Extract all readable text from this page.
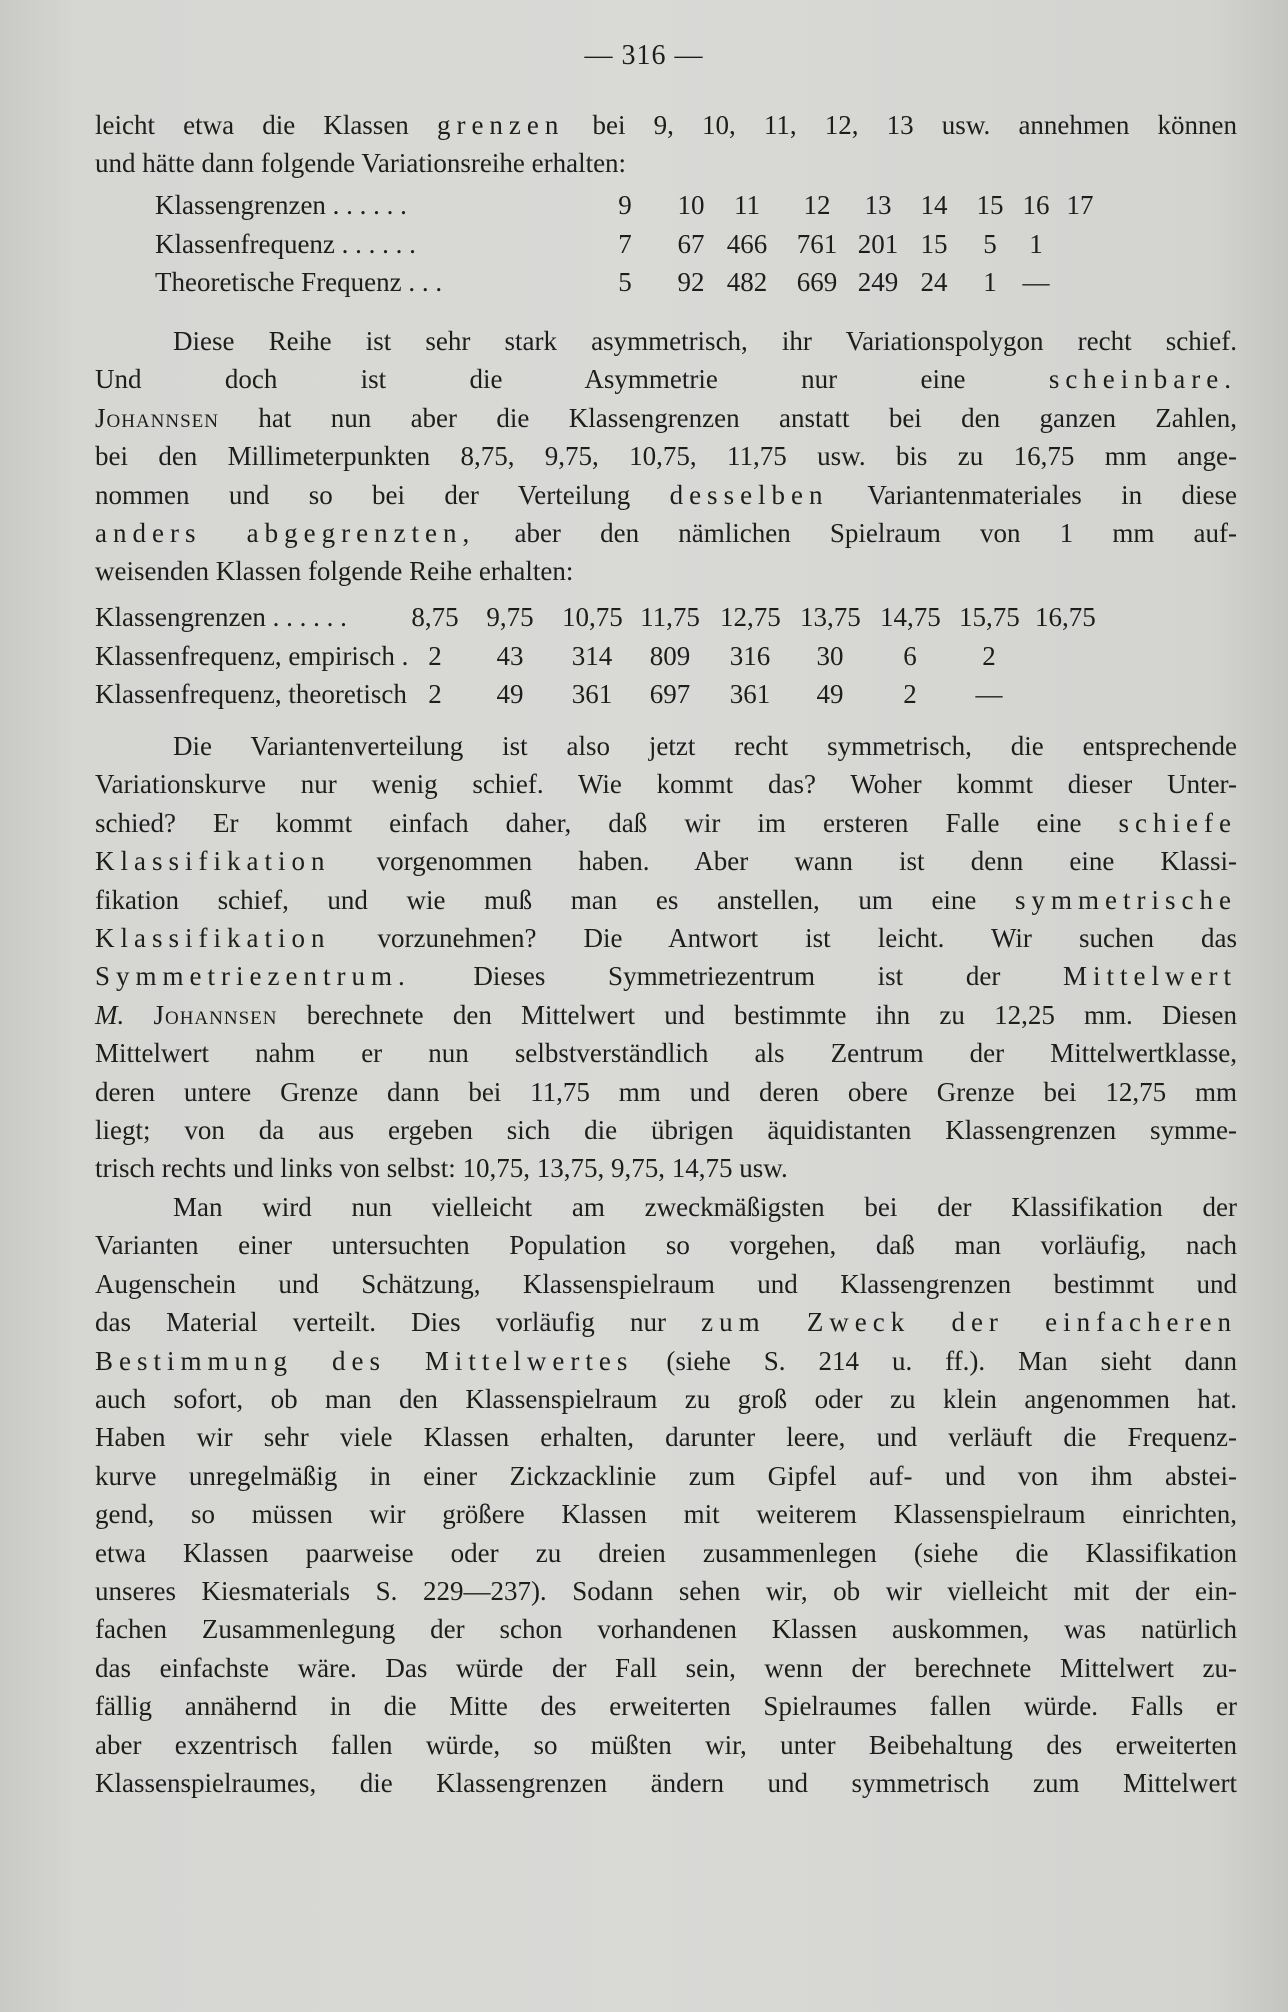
— 316 —
leicht etwa die Klassen grenzen bei 9, 10, 11, 12, 13 usw. annehmen können
und hätte dann folgende Variationsreihe erhalten:
Klassengrenzen . . . . . .	9	10	11	12	13	14	15 16 17
Klassenfrequenz . . . . . .	7	67 466	761 201 15	5	1
Theoretische Frequenz . . .	5	92 482	669 249 24	1 —
Diese Reihe ist sehr stark asymmetrisch, ihr Variationspolygon recht schief.
Und doch ist die Asymmetrie nur eine	scheinbare.
Johannsen hat nun aber die Klassengrenzen anstatt bei den ganzen Zahlen,
bei den Millimeterpunkten 8,75, 9,75, 10,75, 11,75 usw. bis zu 16,75 mm ange-
nommen und so bei der Verteilung desselben Variantenmateriales in diese
anders abgegrenzten, aber den nämlichen Spielraum von 1 mm auf-
weisenden Klassen folgende Reihe erhalten:
Klassengrenzen . . . . . . 8,75 9,75 10,75 11,75 12,75 13,75 14,75 15,75 16,75
Klassenfrequenz, empirisch . 2	43	314	809	316	30	6	2
Klassenfrequenz, theoretisch 2	49	361	697	361	49	2	—
Die Variantenverteilung ist also jetzt recht symmetrisch, die entsprechende
Variationskurve nur wenig schief. Wie kommt das? Woher kommt dieser Unter-
schied? Er kommt einfach daher, daß wir im ersteren Falle eine schiefe
Klassifikation vorgenommen haben. Aber wann ist denn eine Klassi-
fikation schief, und wie muß man es anstellen, um eine symmetrische
Klassifikation vorzunehmen? Die Antwort ist leicht. Wir suchen das
Symmetriezentrum. Dieses Symmetriezentrum ist der Mittelwert
M. Johannsen berechnete den Mittelwert und bestimmte ihn zu 12,25 mm. Diesen
Mittelwert nahm er nun selbstverständlich als Zentrum der Mittelwertklasse,
deren untere Grenze dann bei 11,75 mm und deren obere Grenze bei 12,75 mm
liegt; von da aus ergeben sich die übrigen äquidistanten Klassengrenzen symme-
trisch rechts und links von selbst: 10,75, 13,75, 9,75, 14,75 usw.
Man wird nun vielleicht am zweckmäßigsten bei der Klassifikation der
Varianten einer untersuchten Population so vorgehen, daß man vorläufig, nach
Augenschein und Schätzung, Klassenspielraum und Klassengrenzen bestimmt und
das Material verteilt. Dies vorläufig nur zum Zweck der einfacheren
Bestimmung des Mittelwertes (siehe S. 214 u. ff.). Man sieht dann
auch sofort, ob man den Klassenspielraum zu groß oder zu klein angenommen hat.
Haben wir sehr viele Klassen erhalten, darunter leere, und verläuft die Frequenz-
kurve unregelmäßig in einer Zickzacklinie zum Gipfel auf- und von ihm abstei-
gend, so müssen wir größere Klassen mit weiterem Klassenspielraum einrichten,
etwa Klassen paarweise oder zu dreien zusammenlegen (siehe die Klassifikation
unseres Kiesmaterials S. 229—237). Sodann sehen wir, ob wir vielleicht mit der ein-
fachen Zusammenlegung der schon vorhandenen Klassen auskommen, was natürlich
das einfachste wäre. Das würde der Fall sein, wenn der berechnete Mittelwert zu-
fällig annähernd in die Mitte des erweiterten Spielraumes fallen würde. Falls er
aber exzentrisch fallen würde, so müßten wir, unter Beibehaltung des erweiterten
Klassenspielraumes, die Klassengrenzen ändern und symmetrisch zum Mittelwert
